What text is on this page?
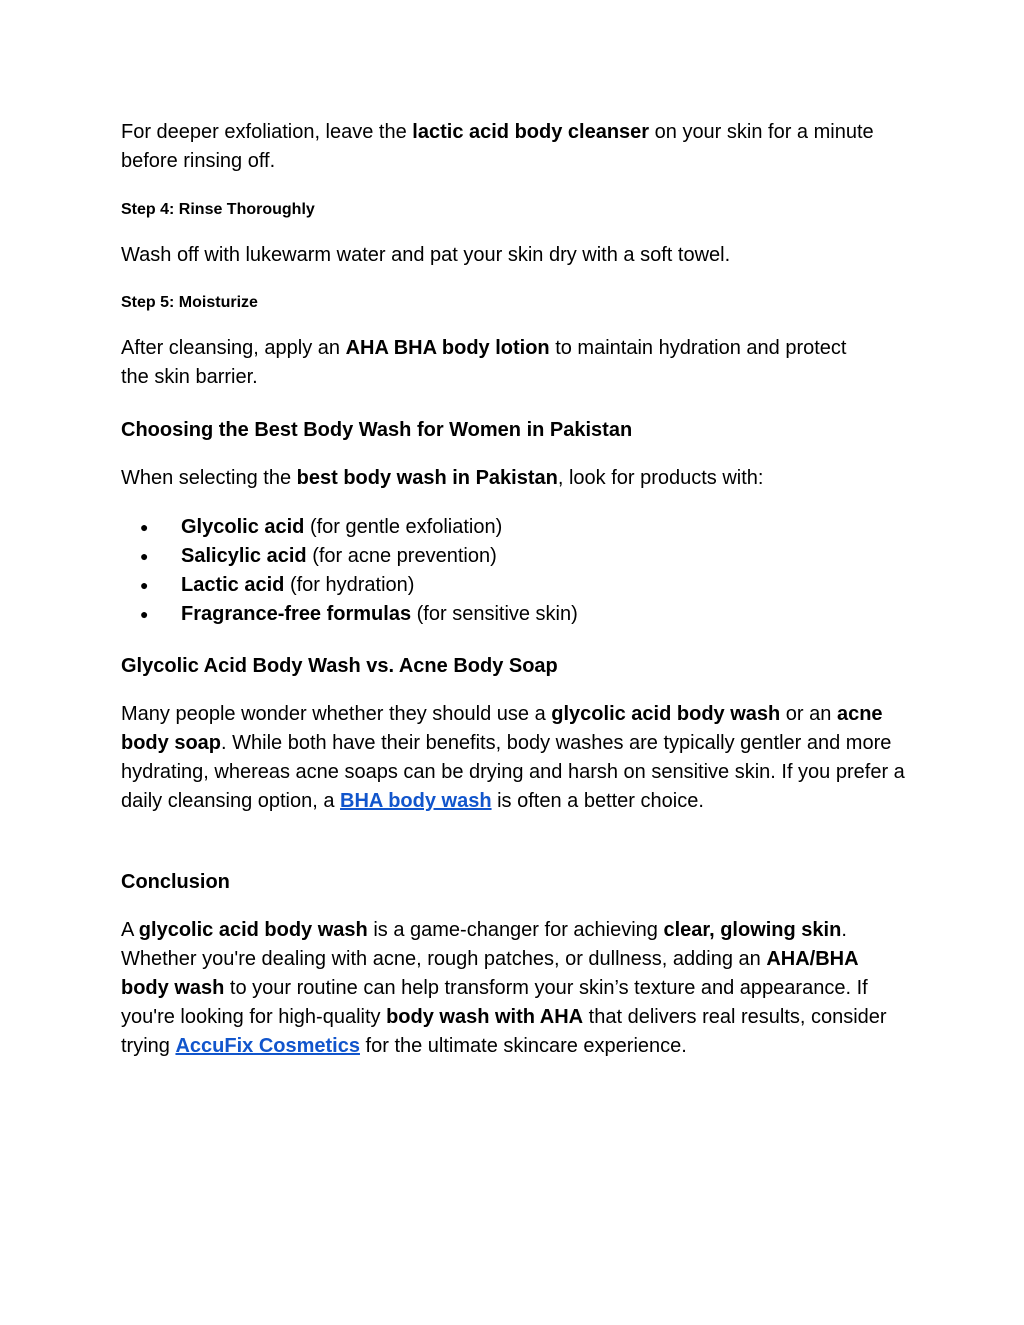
For deeper exfoliation, leave the lactic acid body cleanser on your skin for a minute before rinsing off.

Step 4: Rinse Thoroughly

Wash off with lukewarm water and pat your skin dry with a soft towel.

Step 5: Moisturize

After cleansing, apply an AHA BHA body lotion to maintain hydration and protect the skin barrier.

Choosing the Best Body Wash for Women in Pakistan

When selecting the best body wash in Pakistan, look for products with:

● Glycolic acid (for gentle exfoliation)
● Salicylic acid (for acne prevention)
● Lactic acid (for hydration)
● Fragrance-free formulas (for sensitive skin)
Glycolic Acid Body Wash vs. Acne Body Soap

Many people wonder whether they should use a glycolic acid body wash or an acne body soap. While both have their benefits, body washes are typically gentler and more hydrating, whereas acne soaps can be drying and harsh on sensitive skin. If you prefer a daily cleansing option, a BHA body wash is often a better choice.

Conclusion

A glycolic acid body wash is a game-changer for achieving clear, glowing skin. Whether you're dealing with acne, rough patches, or dullness, adding an AHA/BHA body wash to your routine can help transform your skin’s texture and appearance. If you're looking for high-quality body wash with AHA that delivers real results, consider trying AccuFix Cosmetics for the ultimate skincare experience.
